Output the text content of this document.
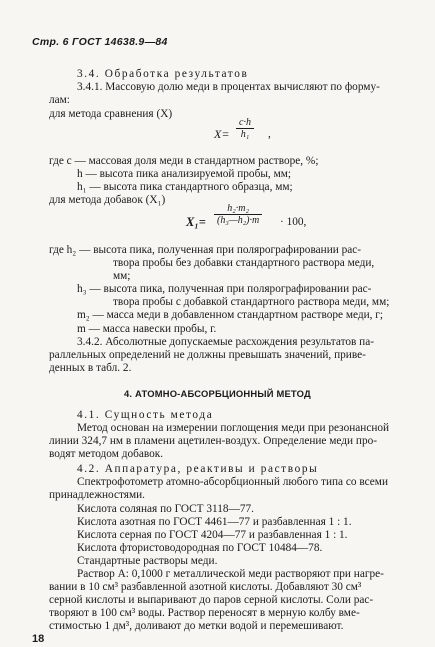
Стр. 6 ГОСТ 14638.9—84
3.4. Обработка результатов
3.4.1. Массовую долю меди в процентах вычисляют по форму-
лам:
для метода сравнения (X)
X=
c·h
h₁	,
где c — массовая доля меди в стандартном растворе, %;
h — высота пика анализируемой пробы, мм;
h₁ — высота пика стандартного образца, мм;
для метода добавок (X₁)
X₁=
h₂·m₂
(h₃—h₂)·m · 100,
где h₂ — высота пика, полученная при полярографировании рас-
твора пробы без добавки стандартного раствора меди,
мм;
h₃ — высота пика, полученная при полярографировании рас-
твора пробы с добавкой стандартного раствора меди, мм;
m₂ — масса меди в добавленном стандартном растворе меди, г;
m — масса навески пробы, г.
3.4.2. Абсолютные допускаемые расхождения результатов па-
раллельных определений не должны превышать значений, приве-
денных в табл. 2.
4. АТОМНО-АБСОРБЦИОННЫЙ МЕТОД
4.1. Сущность метода
Метод основан на измерении поглощения меди при резонансной
линии 324,7 нм в пламени ацетилен-воздух. Определение меди про-
водят методом добавок.
4.2. Аппаратура, реактивы и растворы
Спектрофотометр атомно-абсорбционный любого типа со всеми
принадлежностями.
Кислота соляная по ГОСТ 3118—77.
Кислота азотная по ГОСТ 4461—77 и разбавленная 1 : 1.
Кислота серная по ГОСТ 4204—77 и разбавленная 1 : 1.
Кислота фтористоводородная по ГОСТ 10484—78.
Стандартные растворы меди.
Раствор А: 0,1000 г металлической меди растворяют при нагре-
вании в 10 см³ разбавленной азотной кислоты. Добавляют 30 см³
серной кислоты и выпаривают до паров серной кислоты. Соли рас-
творяют в 100 см³ воды. Раствор переносят в мерную колбу вме-
стимостью 1 дм³, доливают до метки водой и перемешивают.
18
